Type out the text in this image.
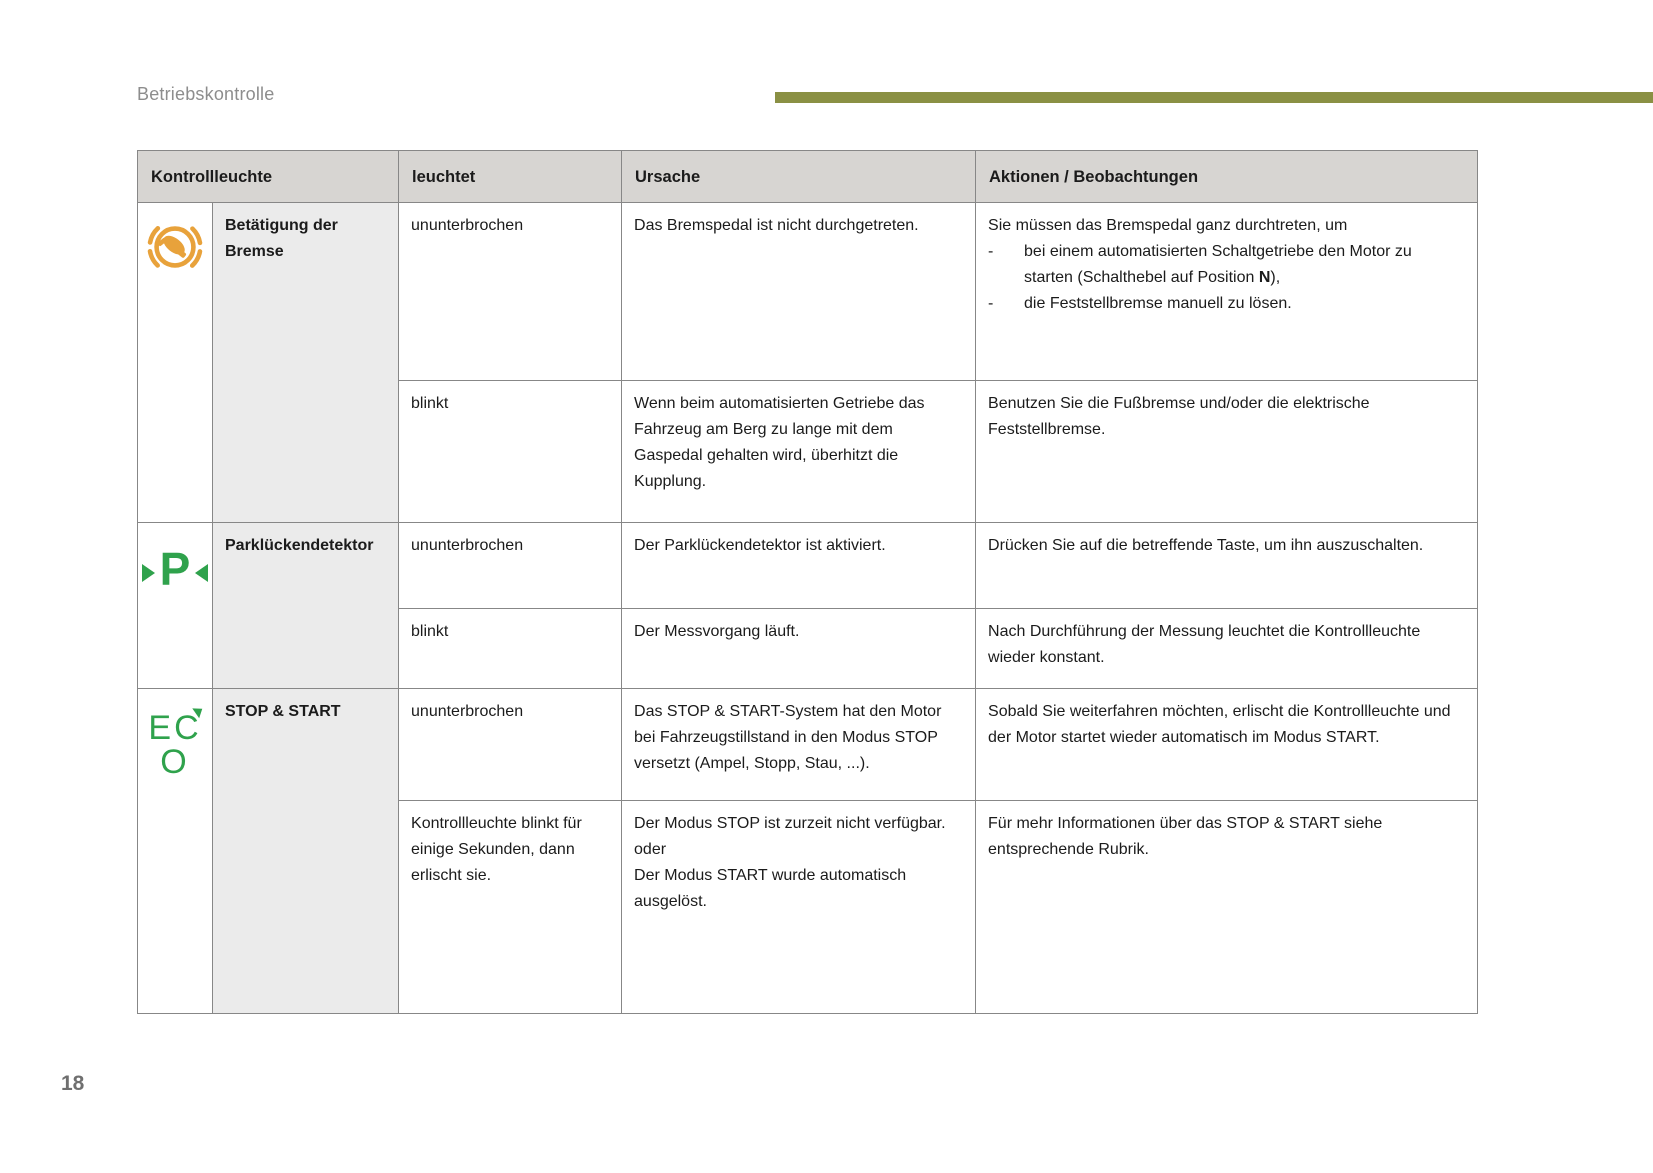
Betriebskontrolle
Kontrollleuchte		leuchtet	Ursache	Aktionen / Beobachtungen

	Betätigung der Bremse	ununterbrochen	Das Bremspedal ist nicht durchgetreten.	Sie müssen das Bremspedal ganz durchtreten, um
- bei einem automatisierten Schaltgetriebe den Motor zu starten (Schalthebel auf Position N),
- die Feststellbremse manuell zu lösen.

		blinkt	Wenn beim automatisierten Getriebe das Fahrzeug am Berg zu lange mit dem Gaspedal gehalten wird, überhitzt die Kupplung.	Benutzen Sie die Fußbremse und/oder die elektrische Feststellbremse.

P	Parklückendetektor	ununterbrochen	Der Parklückendetektor ist aktiviert.	Drücken Sie auf die betreffende Taste, um ihn auszuschalten.
		blinkt	Der Messvorgang läuft.	Nach Durchführung der Messung leuchtet die Kontrollleuchte wieder konstant.
ECO	STOP & START	ununterbrochen	Das STOP & START-System hat den Motor bei Fahrzeugstillstand in den Modus STOP versetzt (Ampel, Stopp, Stau, ...).	Sobald Sie weiterfahren möchten, erlischt die Kontrollleuchte und der Motor startet wieder automatisch im Modus START.
		Kontrollleuchte blinkt für einige Sekunden, dann erlischt sie.	Der Modus STOP ist zurzeit nicht verfügbar.
oder
Der Modus START wurde automatisch ausgelöst.	Für mehr Informationen über das STOP & START siehe entsprechende Rubrik.
18
